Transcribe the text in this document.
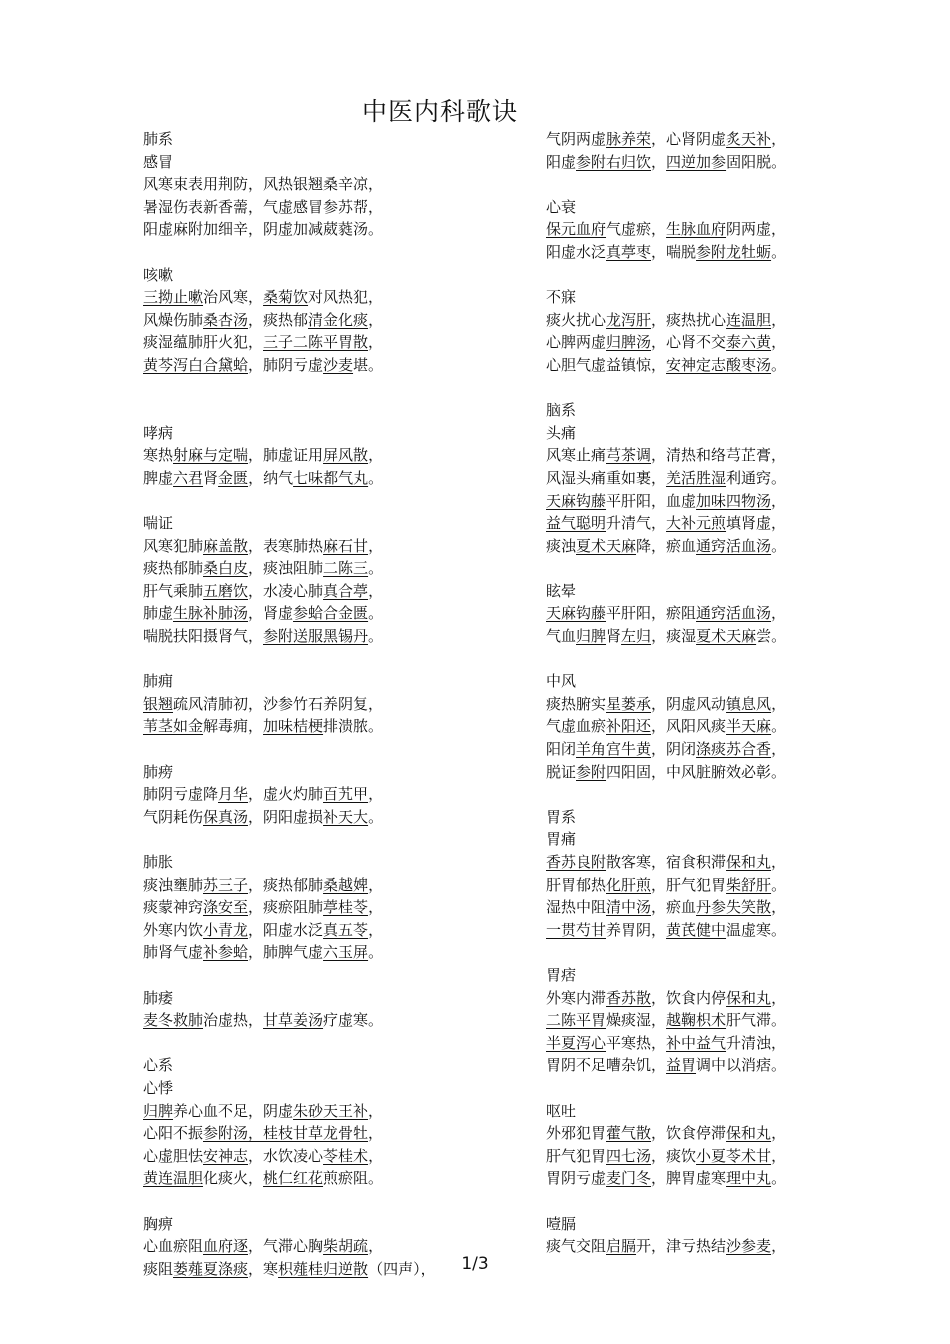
中医内科歌诀
肺系
感冒
风寒束表用荆防，风热银翘桑辛凉，
暑湿伤表新香薷，气虚感冒参苏帮，
阳虚麻附加细辛，阴虚加减葳蕤汤。
咳嗽
三拗止嗽治风寒，桑菊饮对风热犯，
风燥伤肺桑杏汤，痰热郁清金化痰，
痰湿蕴肺肝火犯，三子二陈平胃散，
黄芩泻白合黛蛤，肺阴亏虚沙麦堪。
哮病
寒热射麻与定喘，肺虚证用屏风散，
脾虚六君肾金匮，纳气七味都气丸。
喘证
风寒犯肺麻盖散，表寒肺热麻石甘，
痰热郁肺桑白皮，痰浊阻肺二陈三。
肝气乘肺五磨饮，水凌心肺真合葶，
肺虚生脉补肺汤，肾虚参蛤合金匮。
喘脱扶阳摄肾气，参附送服黑锡丹。
肺痈
银翘疏风清肺初，沙参竹石养阴复，
苇茎如金解毒痈，加味桔梗排溃脓。
肺痨
肺阴亏虚降月华，虚火灼肺百艽甲，
气阴耗伤保真汤，阴阳虚损补天大。
肺胀
痰浊壅肺苏三子，痰热郁肺桑越婢，
痰蒙神窍涤安至，痰瘀阻肺葶桂苓，
外寒内饮小青龙，阳虚水泛真五苓，
肺肾气虚补参蛤，肺脾气虚六玉屏。
肺痿
麦冬救肺治虚热，甘草姜汤疗虚寒。
心系
心悸
归脾养心血不足，阴虚朱砂天王补，
心阳不振参附汤，桂枝甘草龙骨牡，
心虚胆怯安神志，水饮凌心苓桂术，
黄连温胆化痰火，桃仁红花煎瘀阻。
胸痹
心血瘀阻血府逐，气滞心胸柴胡疏，
痰阻蒌薤夏涤痰，寒枳薤桂归逆散（四声），
气阴两虚脉养荣，心肾阴虚炙天补，
阳虚参附右归饮，四逆加参固阳脱。
心衰
保元血府气虚瘀，生脉血府阴两虚，
阳虚水泛真葶枣，喘脱参附龙牡蛎。
不寐
痰火扰心龙泻肝，痰热扰心连温胆，
心脾两虚归脾汤，心肾不交泰六黄，
心胆气虚益镇惊，安神定志酸枣汤。
脑系
头痛
风寒止痛芎茶调，清热和络芎芷膏，
风湿头痛重如裹，羌活胜湿利通窍。
天麻钩藤平肝阳，血虚加味四物汤，
益气聪明升清气，大补元煎填肾虚，
痰浊夏术天麻降，瘀血通窍活血汤。
眩晕
天麻钩藤平肝阳，瘀阻通窍活血汤，
气血归脾肾左归，痰湿夏术天麻尝。
中风
痰热腑实星蒌承，阴虚风动镇息风，
气虚血瘀补阳还，风阳风痰半天麻。
阳闭羊角宫牛黄，阴闭涤痰苏合香，
脱证参附四阳固，中风脏腑效必彰。
胃系
胃痛
香苏良附散客寒，宿食积滞保和丸，
肝胃郁热化肝煎，肝气犯胃柴舒肝。
湿热中阻清中汤，瘀血丹参失笑散，
一贯芍甘养胃阴，黄芪健中温虚寒。
胃痞
外寒内滞香苏散，饮食内停保和丸，
二陈平胃燥痰湿，越鞠枳术肝气滞。
半夏泻心平寒热，补中益气升清浊，
胃阴不足嘈杂饥，益胃调中以消痞。
呕吐
外邪犯胃藿气散，饮食停滞保和丸，
肝气犯胃四七汤，痰饮小夏苓术甘，
胃阴亏虚麦门冬，脾胃虚寒理中丸。
噎膈
痰气交阻启膈开，津亏热结沙参麦，
1/3
